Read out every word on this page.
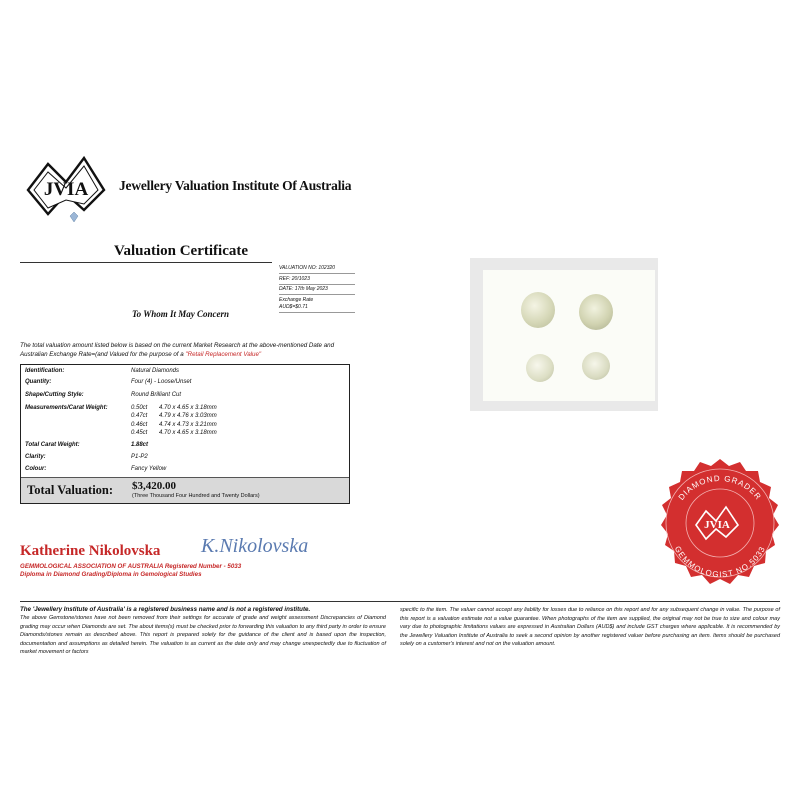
JVIA Jewellery Valuation Institute Of Australia
Valuation Certificate
VALUATION NO: 102320
REF: 20/1023
DATE: 17th May 2023
Exchange Rate
AUD$=$0.71
To Whom It May Concern
The total valuation amount listed below is based on the current Market Research at the above-mentioned Date and Australian Exchange Rate=(and Valued for the purpose of a "Retail Replacement Value"
Identification:	Natural Diamonds
Quantity:	Four (4) - Loose/Unset
Shape/Cutting Style:	Round Brilliant Cut
Measurements/Carat Weight:	0.50ct 4.70 x 4.65 x 3.18mm
0.47ct 4.79 x 4.76 x 3.03mm
0.46ct 4.74 x 4.73 x 3.21mm
0.45ct 4.70 x 4.65 x 3.18mm
Total Carat Weight:	1.88ct
Clarity:	P1-P2
Colour:	Fancy Yellow
Total Valuation: $3,420.00
(Three Thousand Four Hundred and Twenty Dollars)
Katherine Nikolovska K.Nikolovska
GEMMOLOGICAL ASSOCIATION OF AUSTRALIA Registered Number - 5033
Diploma in Diamond Grading/Diploma in Gemological Studies
DIAMOND GRADER
GEMMOLOGIST NO.5033
JVIA
The 'Jewellery Institute of Australia' is a registered business name and is not a registered institute.
The above Gemstone/stones have not been removed from their settings for accurate of grade and weight assessment Discrepancies of Diamond grading may occur when Diamonds are set. The about items(s) must be checked prior to forwarding this valuation to any third party in order to ensure Diamonds/stones remain as described above. This report is prepared solely for the guidance of the client and is based upon the inspection, documentation and assumptions as detailed herein. The valuation is as current as the date only and may change unexpectedly due to fluctuation of market movement or factors
specific to the item. The valuer cannot accept any liability for losses due to reliance on this report and for any subsequent change in value. The purpose of this report is a valuation estimate not a value guarantee. When photographs of the item are supplied, the original may not be true to size and colour may vary due to photographic limitations values are expressed in Australian Dollars (AUD$) and include GST charges where applicable. It is recommended by the Jewellery Valuation Institute of Australia to seek a second opinion by another registered valuer before purchasing an item. Items should be purchased solely on a customer's interest and not on the valuation amount.
